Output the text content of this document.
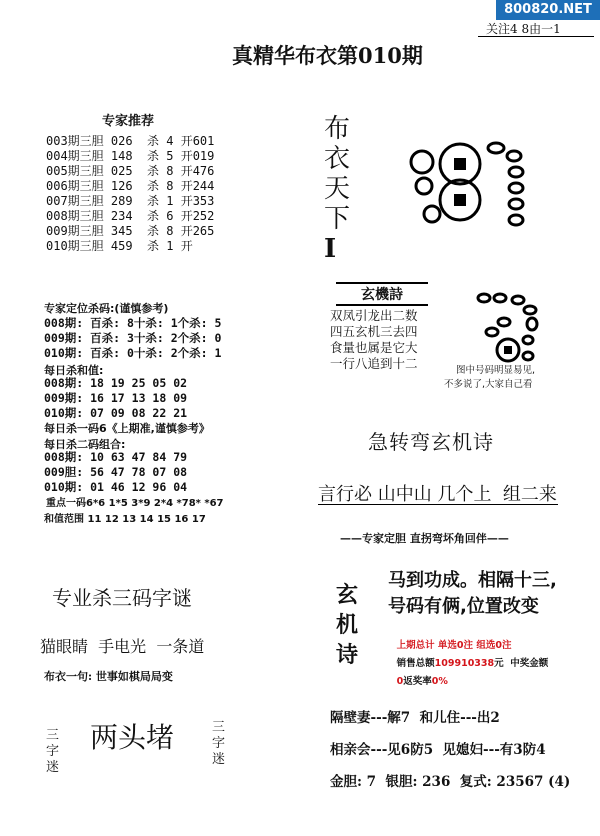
800820.NET
关注4 8由一1
真精华布衣第010期
专家推荐
003期三胆 026  杀 4 开601
004期三胆 148  杀 5 开019
005期三胆 025  杀 8 开476
006期三胆 126  杀 8 开244
007期三胆 289  杀 1 开353
008期三胆 234  杀 6 开252
009期三胆 345  杀 8 开265
010期三胆 459  杀 1 开
专家定位杀码:(谨慎参考)
008期: 百杀: 8十杀: 1个杀: 5
009期: 百杀: 3十杀: 2个杀: 0
010期: 百杀: 0十杀: 2个杀: 1
每日杀和值:
008期: 18 19 25 05 02
009期: 16 17 13 18 09
010期: 07 09 08 22 21
每日杀一码6《上期准,谨慎参考》
每日杀二码组合:
008期: 10 63 47 84 79
009胆: 56 47 78 07 08
010期: 01 46 12 96 04
重点一码6*6 1*5 3*9 2*4 *78* *67
和值范围 11 12 13 14 15 16 17
专业杀三码字谜
猫眼睛  手电光  一条道
布衣一句: 世事如棋局局变
两头堵
三
字
迷
三
字
迷
布
衣
天
下
I
玄機詩
双凤引龙出二数
四五玄机三去四
食量也属是它大
一行八追到十二	图中号码明显易见,
不多说了,大家自己看
急转弯玄机诗
言行必 山中山 几个上  组二来
——专家定胆 直拐弯坏角回伴——
玄
机
诗
马到功成。相隔十三,
号码有俩,位置改变

上期总计 单选0注 组选0注

销售总额109910338元  中奖金额

0返奖率0%

隔壁妻---解7  和儿住---出2
相亲会---见6防5  见媳妇---有3防4
金胆: 7  银胆: 236  复式: 23567 (4)
